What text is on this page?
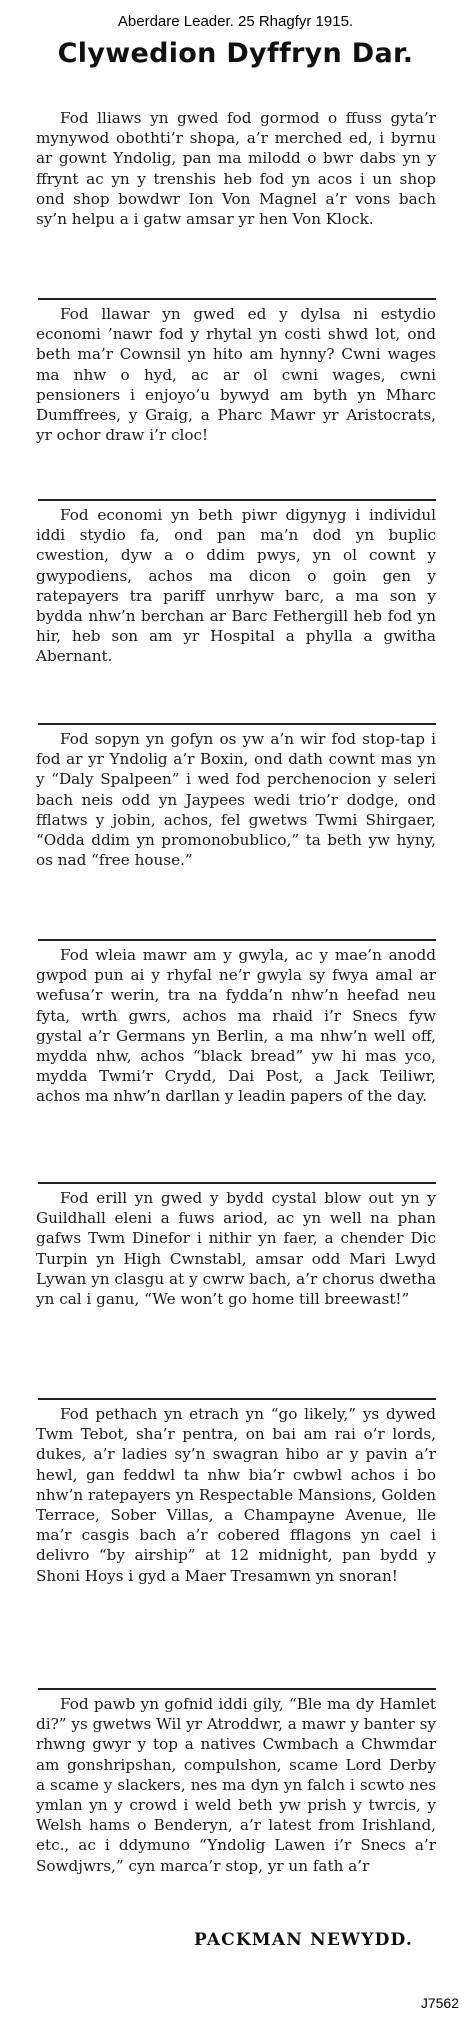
Aberdare Leader. 25 Rhagfyr 1915.
Clywedion Dyffryn Dar.

Fod lliaws yn gwed fod gormod o ffuss gyta’r mynywod obothti’r shopa, a’r merched ed, i byrnu ar gownt Yndolig, pan ma milodd o bwr dabs yn y ffrynt ac yn y trenshis heb fod yn acos i un shop ond shop bowdwr Ion Von Magnel a’r vons bach sy’n helpu a i gatw amsar yr hen Von Klock.

Fod llawar yn gwed ed y dylsa ni estydio economi ’nawr fod y rhytal yn costi shwd lot, ond beth ma’r Cownsil yn hito am hynny? Cwni wages ma nhw o hyd, ac ar ol cwni wages, cwni pensioners i enjoyo’u bywyd am byth yn Mharc Dumffrees, y Graig, a Pharc Mawr yr Aristocrats, yr ochor draw i’r cloc!

Fod economi yn beth piwr digynyg i individul iddi stydio fa, ond pan ma’n dod yn buplic cwestion, dyw a o ddim pwys, yn ol cownt y gwypodiens, achos ma dicon o goin gen y ratepayers tra pariff unrhyw barc, a ma son y bydda nhw’n berchan ar Barc Fethergill heb fod yn hir, heb son am yr Hospital a phylla a gwitha Abernant.

Fod sopyn yn gofyn os yw a’n wir fod stop-tap i fod ar yr Yndolig a’r Boxin, ond dath cownt mas yn y “Daly Spalpeen” i wed fod perchenocion y seleri bach neis odd yn Jaypees wedi trio’r dodge, ond fflatws y jobin, achos, fel gwetws Twmi Shirgaer, “Odda ddim yn promonobublico,” ta beth yw hyny, os nad “free house.”

Fod wleia mawr am y gwyla, ac y mae’n anodd gwpod pun ai y rhyfal ne’r gwyla sy fwya amal ar wefusa’r werin, tra na fydda’n nhw’n heefad neu fyta, wrth gwrs, achos ma rhaid i’r Snecs fyw gystal a’r Germans yn Berlin, a ma nhw’n well off, mydda nhw, achos “black bread” yw hi mas yco, mydda Twmi’r Crydd, Dai Post, a Jack Teiliwr, achos ma nhw’n darllan y leadin papers of the day.

Fod erill yn gwed y bydd cystal blow out yn y Guildhall eleni a fuws ariod, ac yn well na phan gafws Twm Dinefor i nithir yn faer, a chender Dic Turpin yn High Cwnstabl, amsar odd Mari Lwyd Lywan yn clasgu at y cwrw bach, a’r chorus dwetha yn cal i ganu, “We won’t go home till breewast!”

Fod pethach yn etrach yn “go likely,” ys dywed Twm Tebot, sha’r pentra, on bai am rai o’r lords, dukes, a’r ladies sy’n swagran hibo ar y pavin a’r hewl, gan feddwl ta nhw bia’r cwbwl achos i bo nhw’n ratepayers yn Respectable Mansions, Golden Terrace, Sober Villas, a Champayne Avenue, lle ma’r casgis bach a’r cobered fflagons yn cael i delivro “by airship” at 12 midnight, pan bydd y Shoni Hoys i gyd a Maer Tresamwn yn snoran!

Fod pawb yn gofnid iddi gily, “Ble ma dy Hamlet di?” ys gwetws Wil yr Atroddwr, a mawr y banter sy rhwng gwyr y top a natives Cwmbach a Chwmdar am gonshripshan, compulshon, scame Lord Derby a scame y slackers, nes ma dyn yn falch i scwto nes ymlan yn y crowd i weld beth yw prish y twrcis, y Welsh hams o Benderyn, a’r latest from Irishland, etc., ac i ddymuno “Yndolig Lawen i’r Snecs a’r Sowdjwrs,” cyn marca’r stop, yr un fath a’r

PACKMAN NEWYDD.
J7562
